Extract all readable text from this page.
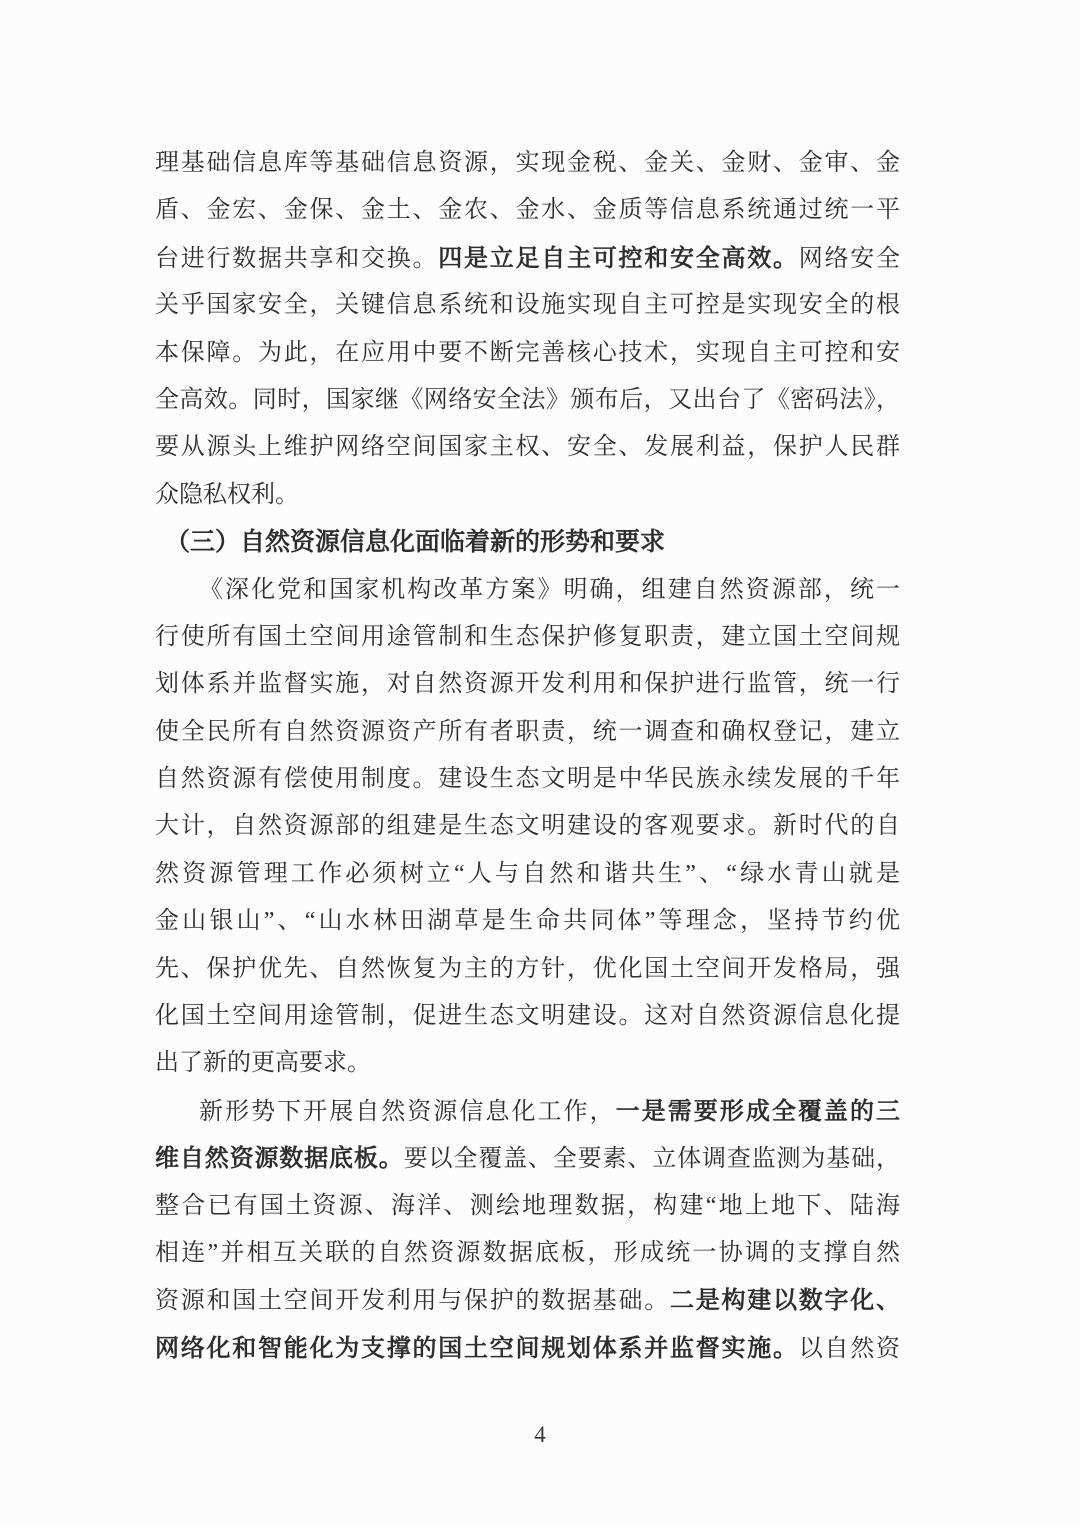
理基础信息库等基础信息资源，实现金税、金关、金财、金审、金
盾、金宏、金保、金土、金农、金水、金质等信息系统通过统一平
台进行数据共享和交换。四是立足自主可控和安全高效。网络安全
关乎国家安全，关键信息系统和设施实现自主可控是实现安全的根
本保障。为此，在应用中要不断完善核心技术，实现自主可控和安
全高效。同时，国家继《网络安全法》颁布后，又出台了《密码法》，
要从源头上维护网络空间国家主权、安全、发展利益，保护人民群
众隐私权利。
（三）自然资源信息化面临着新的形势和要求
《深化党和国家机构改革方案》明确，组建自然资源部，统一
行使所有国土空间用途管制和生态保护修复职责，建立国土空间规
划体系并监督实施，对自然资源开发利用和保护进行监管，统一行
使全民所有自然资源资产所有者职责，统一调查和确权登记，建立
自然资源有偿使用制度。建设生态文明是中华民族永续发展的千年
大计，自然资源部的组建是生态文明建设的客观要求。新时代的自
然资源管理工作必须树立“人与自然和谐共生”、“绿水青山就是
金山银山”、“山水林田湖草是生命共同体”等理念，坚持节约优
先、保护优先、自然恢复为主的方针，优化国土空间开发格局，强
化国土空间用途管制，促进生态文明建设。这对自然资源信息化提
出了新的更高要求。
新形势下开展自然资源信息化工作，一是需要形成全覆盖的三
维自然资源数据底板。要以全覆盖、全要素、立体调查监测为基础，
整合已有国土资源、海洋、测绘地理数据，构建“地上地下、陆海
相连”并相互关联的自然资源数据底板，形成统一协调的支撑自然
资源和国土空间开发利用与保护的数据基础。二是构建以数字化、
网络化和智能化为支撑的国土空间规划体系并监督实施。以自然资
4
